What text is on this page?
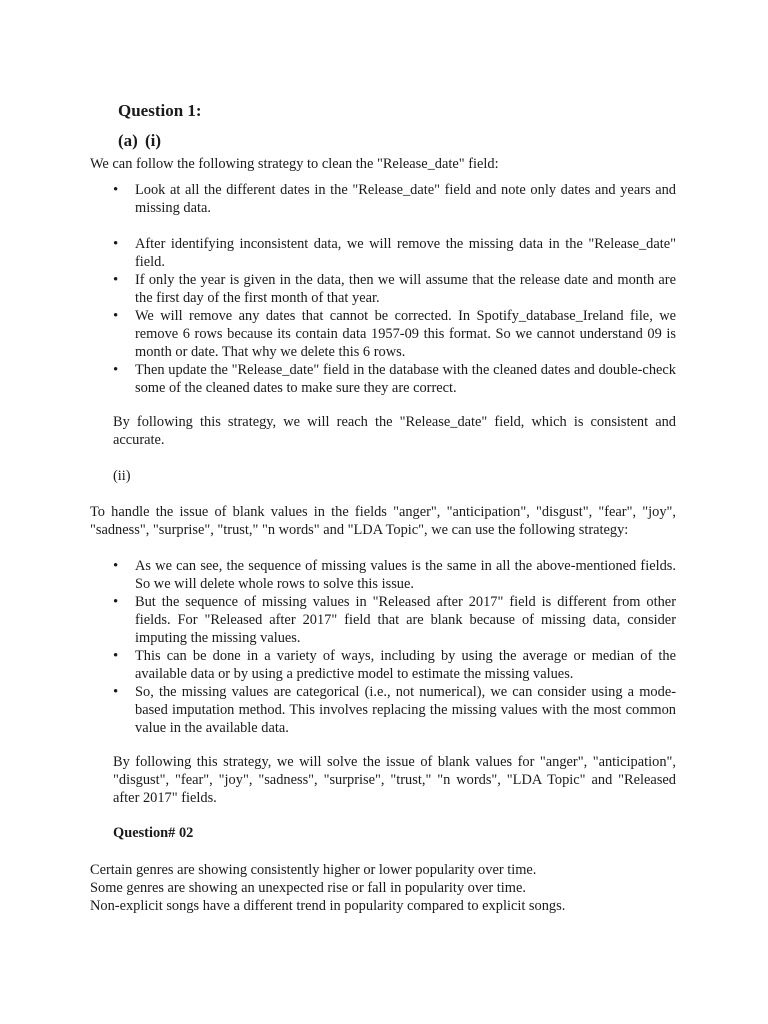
Question 1:
(a) (i)
We can follow the following strategy to clean the "Release_date" field:
• Look at all the different dates in the "Release_date" field and note only dates and years and missing data.
• After identifying inconsistent data, we will remove the missing data in the "Release_date" field.
• If only the year is given in the data, then we will assume that the release date and month are the first day of the first month of that year.
• We will remove any dates that cannot be corrected. In Spotify_database_Ireland file, we remove 6 rows because its contain data 1957-09 this format. So we cannot understand 09 is month or date. That why we delete this 6 rows.
• Then update the "Release_date" field in the database with the cleaned dates and double-check some of the cleaned dates to make sure they are correct.
By following this strategy, we will reach the "Release_date" field, which is consistent and accurate.
(ii)
To handle the issue of blank values in the fields "anger", "anticipation", "disgust", "fear", "joy", "sadness", "surprise", "trust," "n words" and "LDA Topic", we can use the following strategy:
• As we can see, the sequence of missing values is the same in all the above-mentioned fields. So we will delete whole rows to solve this issue.
• But the sequence of missing values in "Released after 2017" field is different from other fields. For "Released after 2017" field that are blank because of missing data, consider imputing the missing values.
• This can be done in a variety of ways, including by using the average or median of the available data or by using a predictive model to estimate the missing values.
• So, the missing values are categorical (i.e., not numerical), we can consider using a mode-based imputation method. This involves replacing the missing values with the most common value in the available data.
By following this strategy, we will solve the issue of blank values for "anger", "anticipation", "disgust", "fear", "joy", "sadness", "surprise", "trust," "n words", "LDA Topic" and "Released after 2017" fields.
Question# 02
Certain genres are showing consistently higher or lower popularity over time.
Some genres are showing an unexpected rise or fall in popularity over time.
Non-explicit songs have a different trend in popularity compared to explicit songs.
